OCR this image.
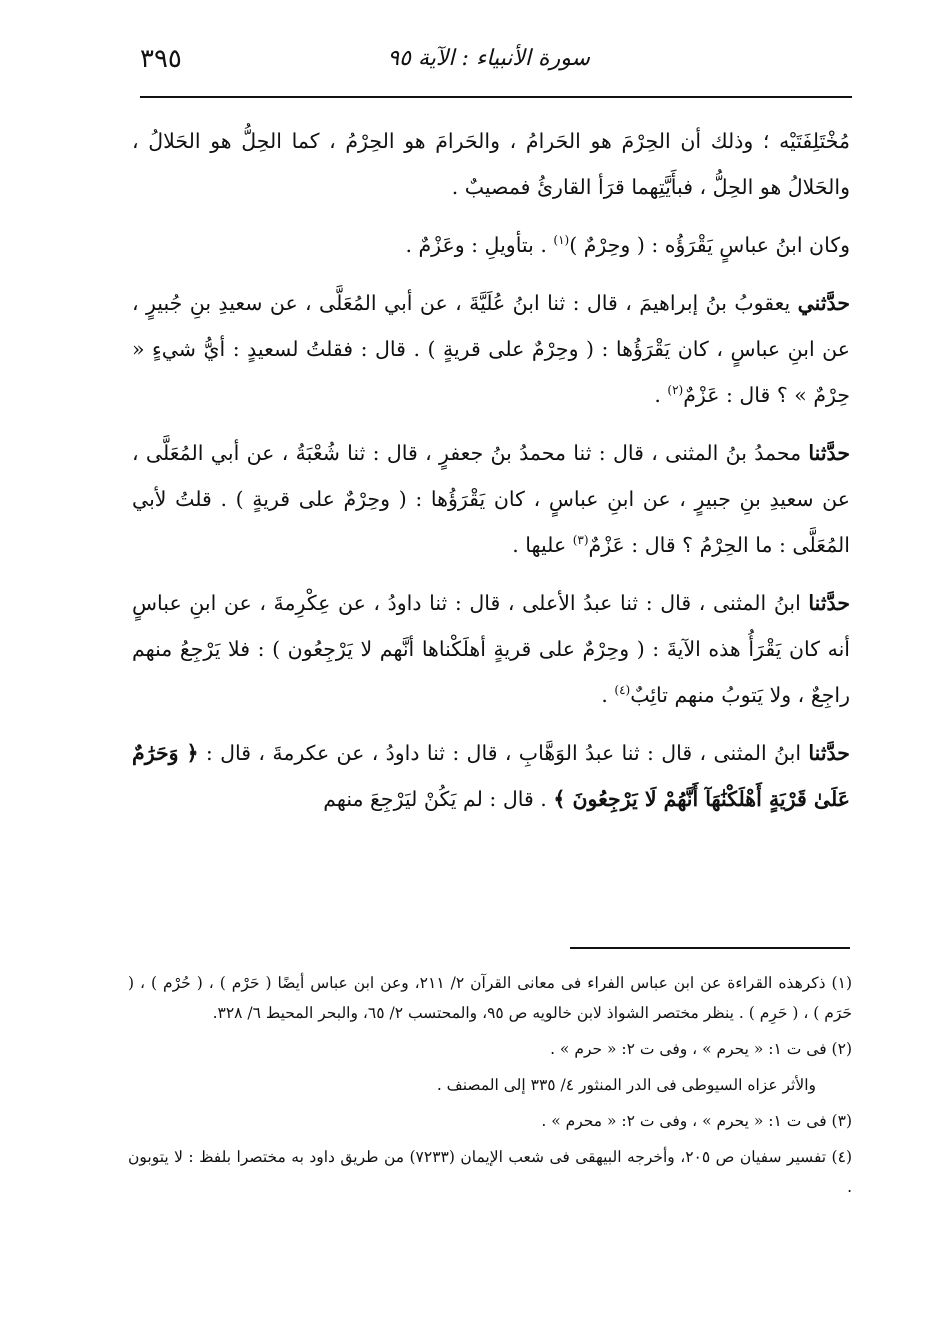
سورة الأنبياء : الآية ٩٥
٣٩٥

مُخْتَلِفَتَيْه ؛ وذلك أن الحِرْمَ هو الحَرامُ ، والحَرامَ هو الحِرْمُ ، كما الحِلُّ هو الحَلالُ ، والحَلالُ هو الحِلُّ ، فبأَيَّتِهما قرَأ القارئُ فمصيبٌ .

وكان ابنُ عباسٍ يَقْرَؤُه : ( وحِرْمٌ )$^{(١)}$ . بتأويلِ : وعَزْمٌ .

حدَّثني يعقوبُ بنُ إبراهيمَ ، قال : ثنا ابنُ عُلَيَّةَ ، عن أبي المُعَلَّى ، عن سعيدِ بنِ جُبيرٍ ، عن ابنِ عباسٍ ، كان يَقْرَؤُها : ( وحِرْمٌ على قريةٍ ) . قال : فقلتُ لسعيدٍ : أيُّ شيءٍ « حِرْمٌ » ؟ قال : عَزْمٌ$^{(٢)}$ .

حدَّثنا محمدُ بنُ المثنى ، قال : ثنا محمدُ بنُ جعفرٍ ، قال : ثنا شُعْبَةُ ، عن أبي المُعَلَّى ، عن سعيدِ بنِ جبيرٍ ، عن ابنِ عباسٍ ، كان يَقْرَؤُها : ( وحِرْمٌ على قريةٍ ) . قلتُ لأبي المُعَلَّى : ما الحِرْمُ ؟ قال : عَزْمٌ$^{(٣)}$ عليها .

حدَّثنا ابنُ المثنى ، قال : ثنا عبدُ الأعلى ، قال : ثنا داودُ ، عن عِكْرِمةَ ، عن ابنِ عباسٍ أنه كان يَقْرَأُ هذه الآيةَ : ( وحِرْمٌ على قريةٍ أهلَكْناها أنَّهم لا يَرْجِعُون ) : فلا يَرْجِعُ منهم راجِعٌ ، ولا يَتوبُ منهم تائِبٌ$^{(٤)}$ .

حدَّثنا ابنُ المثنى ، قال : ثنا عبدُ الوَهَّابِ ، قال : ثنا داودُ ، عن عكرمةَ ، قال : ﴿ وَحَرَٰمٌ عَلَىٰ قَرْيَةٍ أَهْلَكْنَٰهَآ أَنَّهُمْ لَا يَرْجِعُونَ ﴾ . قال : لم يَكُنْ ليَرْجِعَ منهم

(١) ذكرهذه القراءة عن ابن عباس الفراء فى معانى القرآن ٢/ ٢١١، وعن ابن عباس أيضًا ( حَرْم ) ، ( حُرْم ) ، ( حَرَم ) ، ( حَرِم ) . ينظر مختصر الشواذ لابن خالويه ص ٩٥، والمحتسب ٢/ ٦٥، والبحر المحيط ٦/ ٣٢٨.

(٢) فى ت ١: « يحرم » ، وفى ت ٢: « حرم » .

والأثر عزاه السيوطى فى الدر المنثور ٤/ ٣٣٥ إلى المصنف .

(٣) فى ت ١: « يحرم » ، وفى ت ٢: « محرم » .

(٤) تفسير سفيان ص ٢٠٥، وأخرجه البيهقى فى شعب الإيمان (٧٢٣٣) من طريق داود به مختصرا بلفظ : لا يتوبون .
